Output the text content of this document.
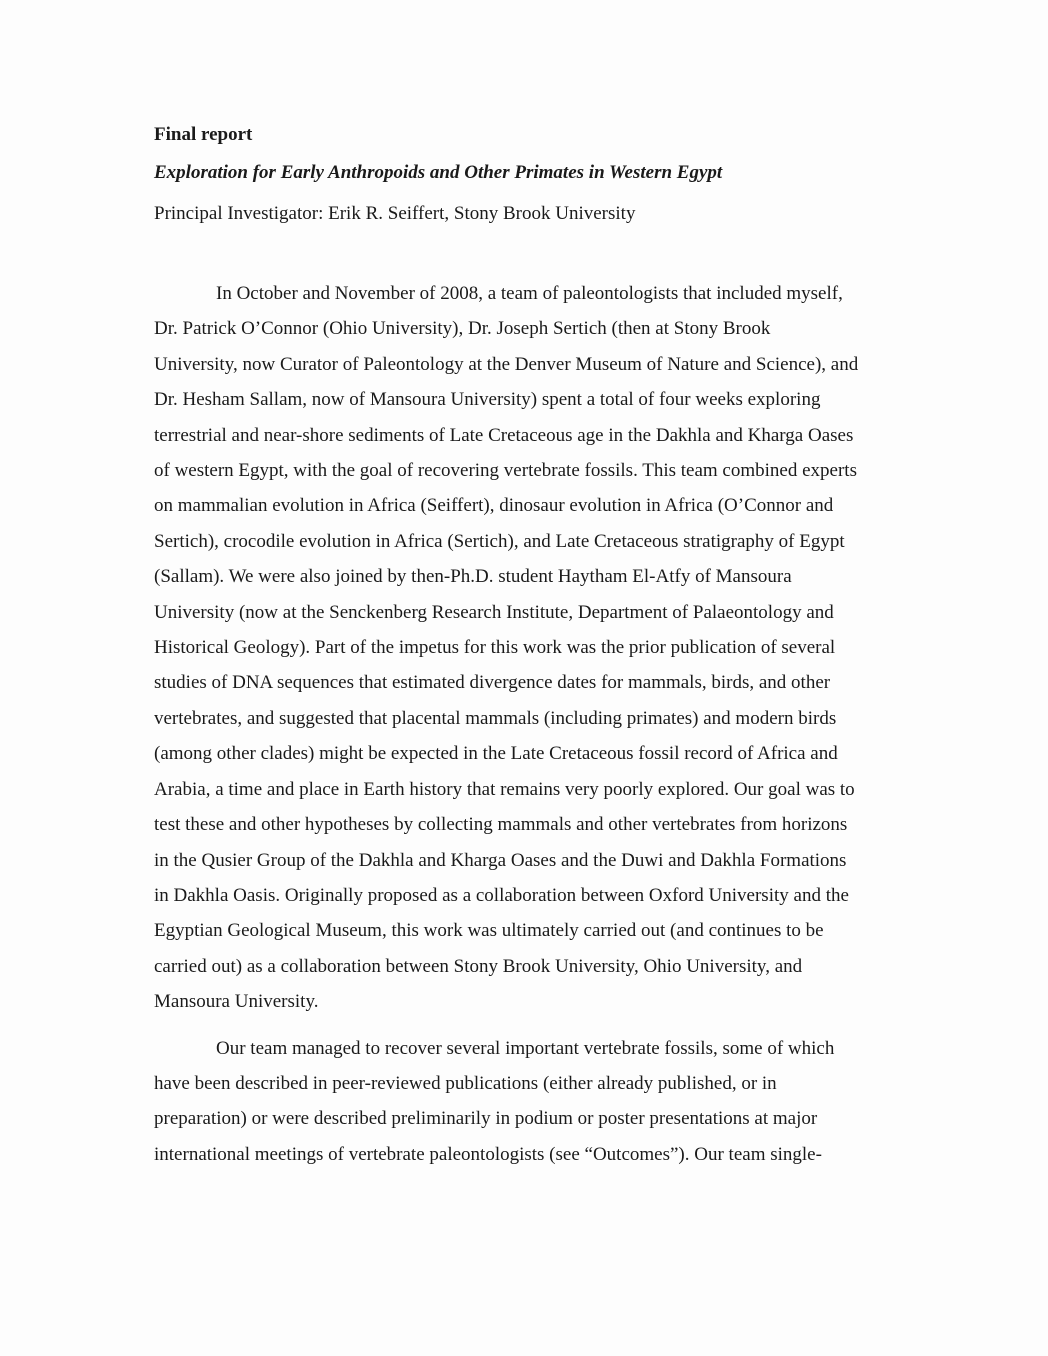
Final report

Exploration for Early Anthropoids and Other Primates in Western Egypt

Principal Investigator: Erik R. Seiffert, Stony Brook University

In October and November of 2008, a team of paleontologists that included myself,
Dr. Patrick O’Connor (Ohio University), Dr. Joseph Sertich (then at Stony Brook
University, now Curator of Paleontology at the Denver Museum of Nature and Science), and
Dr. Hesham Sallam, now of Mansoura University) spent a total of four weeks exploring
terrestrial and near-shore sediments of Late Cretaceous age in the Dakhla and Kharga Oases
of western Egypt, with the goal of recovering vertebrate fossils. This team combined experts
on mammalian evolution in Africa (Seiffert), dinosaur evolution in Africa (O’Connor and
Sertich), crocodile evolution in Africa (Sertich), and Late Cretaceous stratigraphy of Egypt
(Sallam). We were also joined by then-Ph.D. student Haytham El-Atfy of Mansoura
University (now at the Senckenberg Research Institute, Department of Palaeontology and
Historical Geology). Part of the impetus for this work was the prior publication of several
studies of DNA sequences that estimated divergence dates for mammals, birds, and other
vertebrates, and suggested that placental mammals (including primates) and modern birds
(among other clades) might be expected in the Late Cretaceous fossil record of Africa and
Arabia, a time and place in Earth history that remains very poorly explored. Our goal was to
test these and other hypotheses by collecting mammals and other vertebrates from horizons
in the Qusier Group of the Dakhla and Kharga Oases and the Duwi and Dakhla Formations
in Dakhla Oasis. Originally proposed as a collaboration between Oxford University and the
Egyptian Geological Museum, this work was ultimately carried out (and continues to be
carried out) as a collaboration between Stony Brook University, Ohio University, and
Mansoura University.
Our team managed to recover several important vertebrate fossils, some of which
have been described in peer-reviewed publications (either already published, or in
preparation) or were described preliminarily in podium or poster presentations at major
international meetings of vertebrate paleontologists (see “Outcomes”). Our team single-
